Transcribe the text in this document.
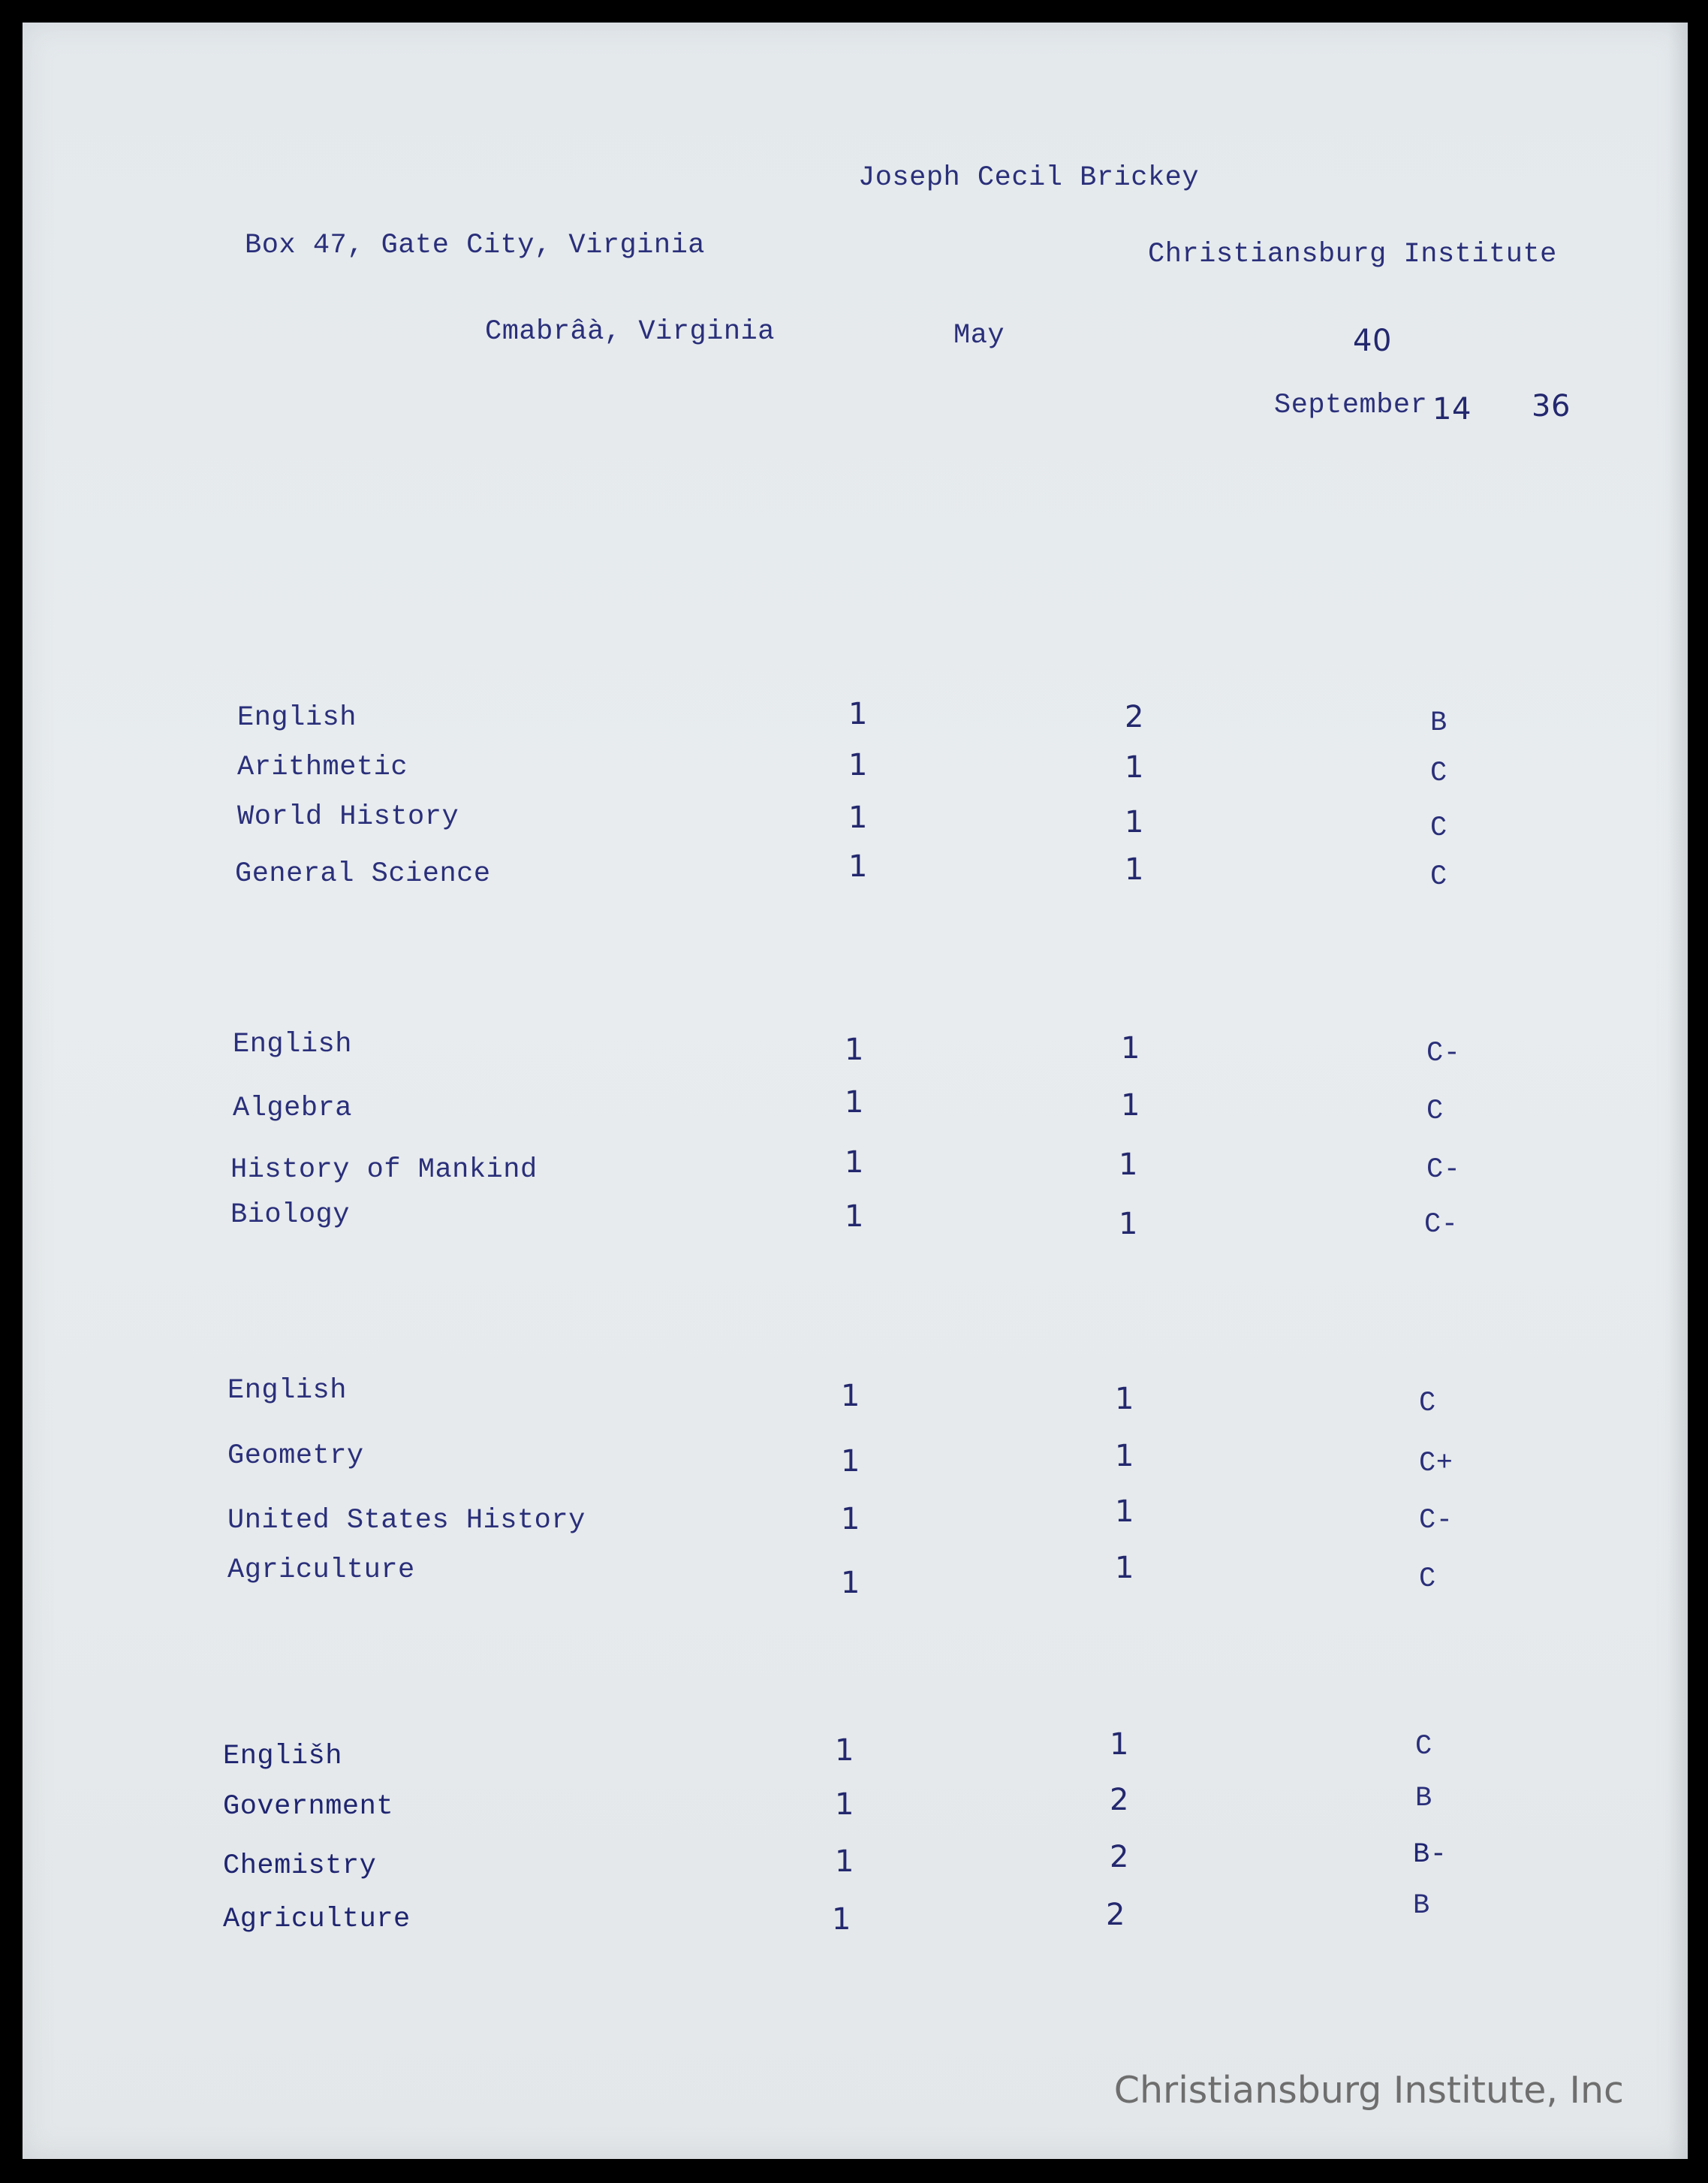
Joseph Cecil Brickey
Box 47, Gate City, Virginia	Christiansburg Institute
Cmabrâà, Virginia	May	40
September 14 36
English	1	2	B
Arithmetic	1	1	C
World History	1	1	C
General Science	1	1	C
English	1	1	C-
Algebra	1	1	C
History of Mankind	1	1	C-
Biology	1	1	C-
English	1	1	C
Geometry	1	1	C+
United States History	1	1	C-
Agriculture	1	1	C
Englišh	1	1	C
Government	1	2	B
Chemistry	1	2	B-
Agriculture	1	2	B
Christiansburg Institute, Inc
